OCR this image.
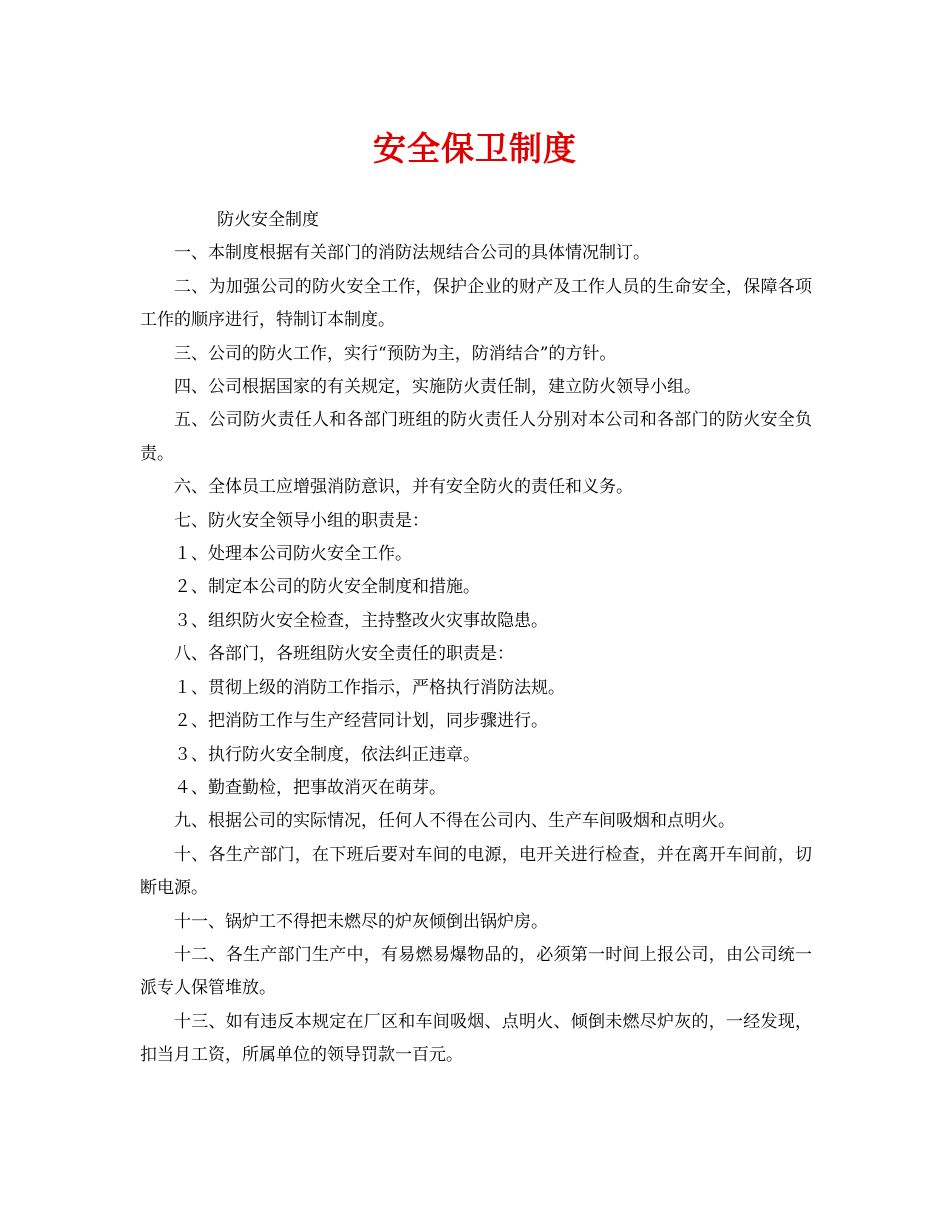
安全保卫制度

防火安全制度

一、本制度根据有关部门的消防法规结合公司的具体情况制订。

二、为加强公司的防火安全工作，保护企业的财产及工作人员的生命安全，保障各项工作的顺序进行，特制订本制度。

三、公司的防火工作，实行“预防为主，防消结合”的方针。

四、公司根据国家的有关规定，实施防火责任制，建立防火领导小组。

五、公司防火责任人和各部门班组的防火责任人分别对本公司和各部门的防火安全负责。

六、全体员工应增强消防意识，并有安全防火的责任和义务。

七、防火安全领导小组的职责是：

１、处理本公司防火安全工作。

２、制定本公司的防火安全制度和措施。

３、组织防火安全检查，主持整改火灾事故隐患。

八、各部门，各班组防火安全责任的职责是：

１、贯彻上级的消防工作指示，严格执行消防法规。

２、把消防工作与生产经营同计划，同步骤进行。

３、执行防火安全制度，依法纠正违章。

４、勤查勤检，把事故消灭在萌芽。

九、根据公司的实际情况，任何人不得在公司内、生产车间吸烟和点明火。

十、各生产部门，在下班后要对车间的电源，电开关进行检查，并在离开车间前，切断电源。

十一、锅炉工不得把未燃尽的炉灰倾倒出锅炉房。

十二、各生产部门生产中，有易燃易爆物品的，必须第一时间上报公司，由公司统一派专人保管堆放。

十三、如有违反本规定在厂区和车间吸烟、点明火、倾倒未燃尽炉灰的，一经发现，扣当月工资，所属单位的领导罚款一百元。
